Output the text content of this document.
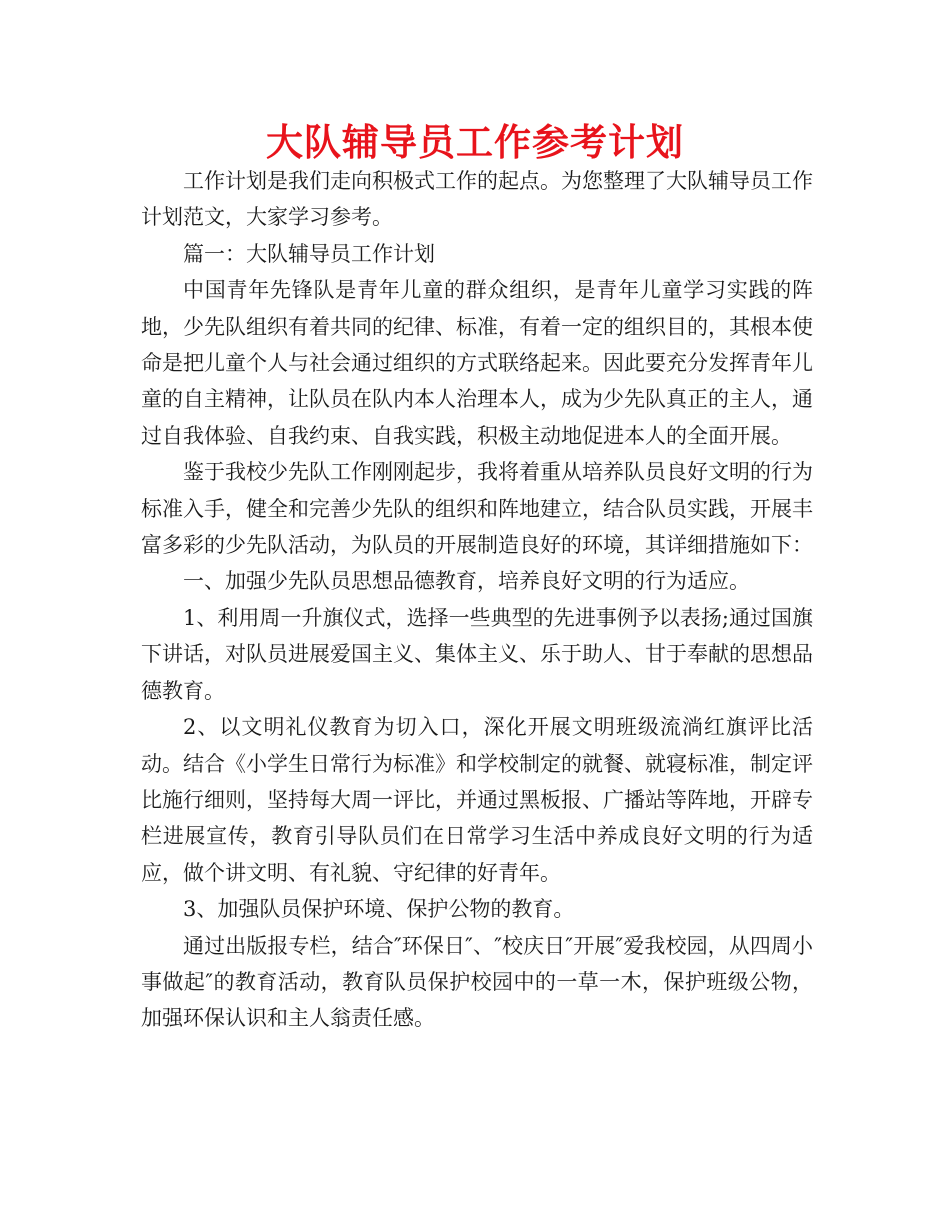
大队辅导员工作参考计划

工作计划是我们走向积极式工作的起点。为您整理了大队辅导员工作计划范文，大家学习参考。

篇一：大队辅导员工作计划

中国青年先锋队是青年儿童的群众组织，是青年儿童学习实践的阵地，少先队组织有着共同的纪律、标准，有着一定的组织目的，其根本使命是把儿童个人与社会通过组织的方式联络起来。因此要充分发挥青年儿童的自主精神，让队员在队内本人治理本人，成为少先队真正的主人，通过自我体验、自我约束、自我实践，积极主动地促进本人的全面开展。

鉴于我校少先队工作刚刚起步，我将着重从培养队员良好文明的行为标准入手，健全和完善少先队的组织和阵地建立，结合队员实践，开展丰富多彩的少先队活动，为队员的开展制造良好的环境，其详细措施如下：

一、加强少先队员思想品德教育，培养良好文明的行为适应。

1、利用周一升旗仪式，选择一些典型的先进事例予以表扬;通过国旗下讲话，对队员进展爱国主义、集体主义、乐于助人、甘于奉献的思想品德教育。

2、以文明礼仪教育为切入口，深化开展文明班级流淌红旗评比活动。结合《小学生日常行为标准》和学校制定的就餐、就寝标准，制定评比施行细则，坚持每大周一评比，并通过黑板报、广播站等阵地，开辟专栏进展宣传，教育引导队员们在日常学习生活中养成良好文明的行为适应，做个讲文明、有礼貌、守纪律的好青年。

3、加强队员保护环境、保护公物的教育。

通过出版报专栏，结合″环保日″、″校庆日″开展″爱我校园，从四周小事做起″的教育活动，教育队员保护校园中的一草一木，保护班级公物，加强环保认识和主人翁责任感。
